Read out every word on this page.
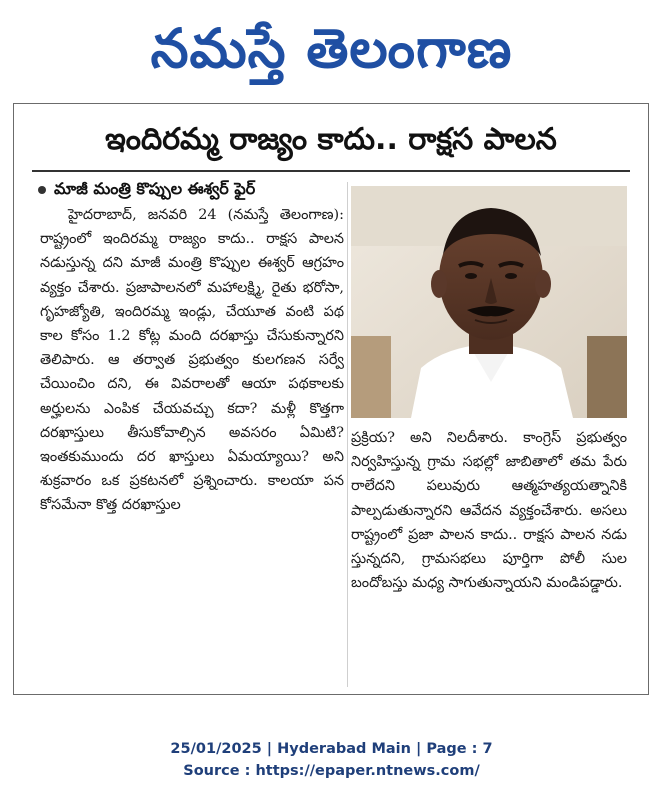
నమస్తే తెలంగాణ
ఇందిరమ్మ రాజ్యం కాదు.. రాక్షస పాలన
మాజీ మంత్రి కొప్పుల ఈశ్వర్ ఫైర్

హైదరాబాద్, జనవరి 24 (నమస్తే తెలంగాణ): రాష్ట్రంలో ఇందిరమ్మ రాజ్యం కాదు.. రాక్షస పాలన నడుస్తున్న దని మాజీ మంత్రి కొప్పుల ఈశ్వర్ ఆగ్రహం వ్యక్తం చేశారు. ప్రజాపాలనలో మహాలక్ష్మి, రైతు భరోసా, గృహజ్యోతి, ఇందిరమ్మ ఇండ్లు, చేయూత వంటి పథ కాల కోసం 1.2 కోట్ల మంది దరఖాస్తు చేసుకున్నారని తెలిపారు. ఆ తర్వాత ప్రభుత్వం కులగణన సర్వే చేయించిం దని, ఈ వివరాలతో ఆయా పథకాలకు అర్హులను ఎంపిక చేయవచ్చు కదా? మళ్లీ కొత్తగా దరఖాస్తులు తీసుకోవాల్సిన అవసరం ఏమిటి? ఇంతకుముందు దర ఖాస్తులు ఏమయ్యాయి? అని శుక్రవారం ఒక ప్రకటనలో ప్రశ్నించారు. కాలయా పన కోసమేనా కొత్త దరఖాస్తుల

ప్రక్రియ? అని నిలదీశారు. కాంగ్రెస్ ప్రభుత్వం నిర్వహిస్తున్న గ్రామ సభల్లో జాబితాలో తమ పేరు రాలేదని పలువురు ఆత్మహత్యయత్నానికి పాల్పడుతున్నారని ఆవేదన వ్యక్తంచేశారు. అసలు రాష్ట్రంలో ప్రజా పాలన కాదు.. రాక్షస పాలన నడు స్తున్నదని, గ్రామసభలు పూర్తిగా పోలీ సుల బందోబస్తు మధ్య సాగుతున్నాయని మండిపడ్డారు.

25/01/2025 | Hyderabad Main | Page : 7
Source : https://epaper.ntnews.com/
